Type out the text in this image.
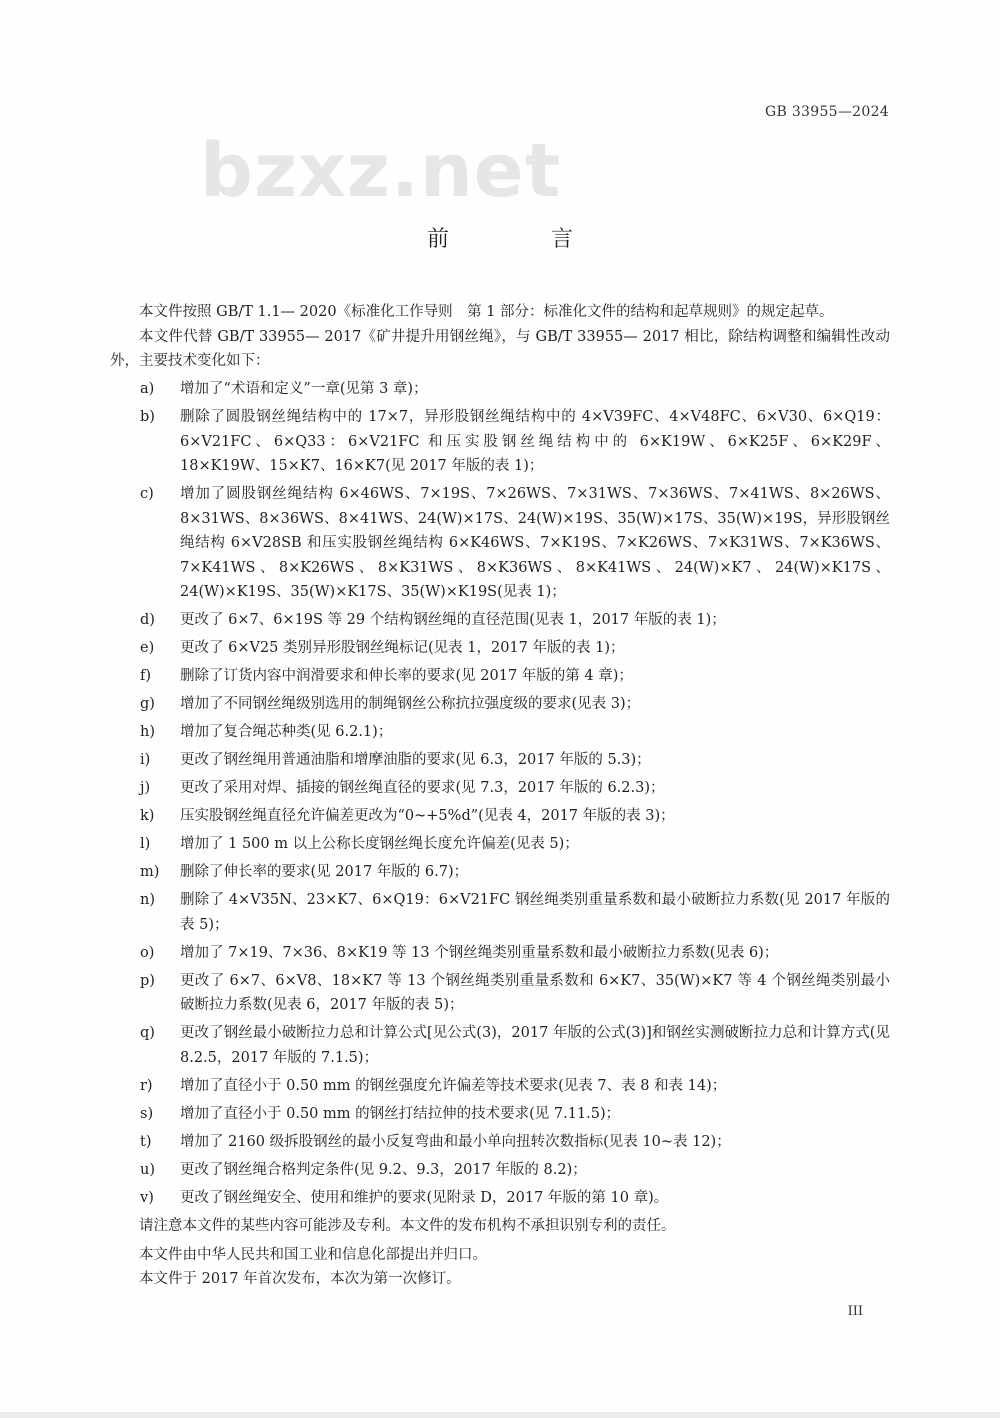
GB 33955—2024
bzxz.net
前　言

本文件按照 GB/T 1.1— 2020《标准化工作导则　第 1 部分：标准化文件的结构和起草规则》的规定起草。

本文件代替 GB/T 33955— 2017《矿井提升用钢丝绳》，与 GB/T 33955— 2017 相比，除结构调整和编辑性改动外，主要技术变化如下：

a)	增加了“术语和定义”一章(见第 3 章)；
b)	删除了圆股钢丝绳结构中的 17×7，异形股钢丝绳结构中的 4×V39FC、4×V48FC、6×V30、6×Q19：6×V21FC、6×Q33：6×V21FC 和压实股钢丝绳结构中的 6×K19W、6×K25F、6×K29F、18×K19W、15×K7、16×K7(见 2017 年版的表 1)；
c)	增加了圆股钢丝绳结构 6×46WS、7×19S、7×26WS、7×31WS、7×36WS、7×41WS、8×26WS、8×31WS、8×36WS、8×41WS、24(W)×17S、24(W)×19S、35(W)×17S、35(W)×19S，异形股钢丝绳结构 6×V28SB 和压实股钢丝绳结构 6×K46WS、7×K19S、7×K26WS、7×K31WS、7×K36WS、7×K41WS、8×K26WS、8×K31WS、8×K36WS、8×K41WS、24(W)×K7、24(W)×K17S、24(W)×K19S、35(W)×K17S、35(W)×K19S(见表 1)；
d)	更改了 6×7、6×19S 等 29 个结构钢丝绳的直径范围(见表 1，2017 年版的表 1)；
e)	更改了 6×V25 类别异形股钢丝绳标记(见表 1，2017 年版的表 1)；
f)	删除了订货内容中润滑要求和伸长率的要求(见 2017 年版的第 4 章)；
g)	增加了不同钢丝绳级别选用的制绳钢丝公称抗拉强度级的要求(见表 3)；
h)	增加了复合绳芯种类(见 6.2.1)；
i)	更改了钢丝绳用普通油脂和增摩油脂的要求(见 6.3，2017 年版的 5.3)；
j)	更改了采用对焊、插接的钢丝绳直径的要求(见 7.3，2017 年版的 6.2.3)；
k)	压实股钢丝绳直径允许偏差更改为“0~+5%d”(见表 4，2017 年版的表 3)；
l)	增加了 1 500 m 以上公称长度钢丝绳长度允许偏差(见表 5)；
m)	删除了伸长率的要求(见 2017 年版的 6.7)；
n)	删除了 4×V35N、23×K7、6×Q19：6×V21FC 钢丝绳类别重量系数和最小破断拉力系数(见 2017 年版的表 5)；
o)	增加了 7×19、7×36、8×K19 等 13 个钢丝绳类别重量系数和最小破断拉力系数(见表 6)；
p)	更改了 6×7、6×V8、18×K7 等 13 个钢丝绳类别重量系数和 6×K7、35(W)×K7 等 4 个钢丝绳类别最小破断拉力系数(见表 6，2017 年版的表 5)；
q)	更改了钢丝最小破断拉力总和计算公式[见公式(3)，2017 年版的公式(3)]和钢丝实测破断拉力总和计算方式(见 8.2.5，2017 年版的 7.1.5)；
r)	增加了直径小于 0.50 mm 的钢丝强度允许偏差等技术要求(见表 7、表 8 和表 14)；
s)	增加了直径小于 0.50 mm 的钢丝打结拉伸的技术要求(见 7.11.5)；
t)	增加了 2160 级拆股钢丝的最小反复弯曲和最小单向扭转次数指标(见表 10~表 12)；
u)	更改了钢丝绳合格判定条件(见 9.2、9.3，2017 年版的 8.2)；
v)	更改了钢丝绳安全、使用和维护的要求(见附录 D，2017 年版的第 10 章)。

请注意本文件的某些内容可能涉及专利。本文件的发布机构不承担识别专利的责任。

本文件由中华人民共和国工业和信息化部提出并归口。

本文件于 2017 年首次发布，本次为第一次修订。

III
